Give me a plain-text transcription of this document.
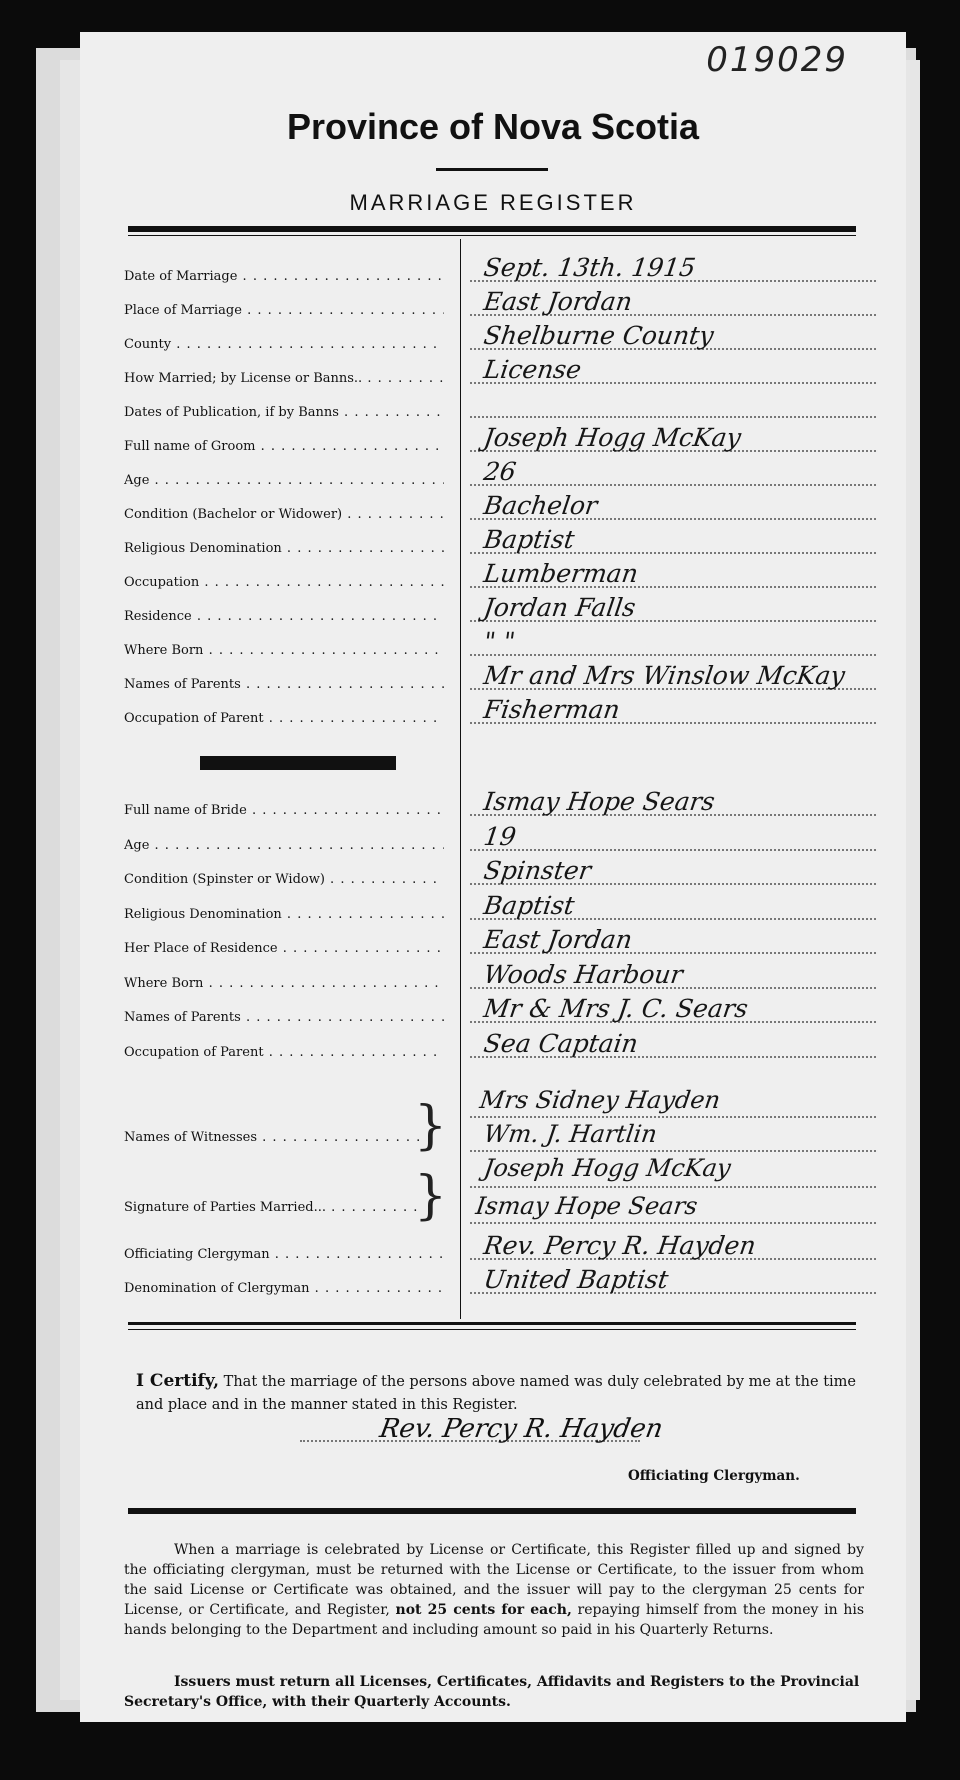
019029
Province of Nova Scotia
MARRIAGE REGISTER
Date of Marriage . . .	Sept. 13th. 1915
Place of Marriage . . .	East Jordan
County . . .	Shelburne County
How Married; by License or Banns.. . . .	License
Dates of Publication, if by Banns . . .
Full name of Groom . . .	Joseph Hogg McKay
Age . . .	26
Condition (Bachelor or Widower) . . .	Bachelor
Religious Denomination . . .	Baptist
Occupation . . .	Lumberman
Residence . . .	Jordan Falls
Where Born . . .	" "
Names of Parents . . .	Mr and Mrs Winslow McKay
Occupation of Parent . . .	Fisherman
Full name of Bride . . .	Ismay Hope Sears
Age . . .	19
Condition (Spinster or Widow) . . .	Spinster
Religious Denomination . . .	Baptist
Her Place of Residence . . .	East Jordan
Where Born . . .	Woods Harbour
Names of Parents . . .	Mr & Mrs J. C. Sears
Occupation of Parent . . .	Sea Captain
Names of Witnesses . . .	} Mrs Sidney Hayden
Wm. J. Hartlin
Signature of Parties Married... . . .	} Joseph Hogg McKay
Ismay Hope Sears
Officiating Clergyman . . .	Rev. Percy R. Hayden
Denomination of Clergyman . . .	United Baptist
I Certify, That the marriage of the persons above named was duly celebrated by me at the time and place and in the manner stated in this Register.
Rev. Percy R. Hayden
Officiating Clergyman.
When a marriage is celebrated by License or Certificate, this Register filled up and signed by the officiating clergyman, must be returned with the License or Certificate, to the issuer from whom the said License or Certificate was obtained, and the issuer will pay to the clergyman 25 cents for License, or Certificate, and Register, not 25 cents for each, repaying himself from the money in his hands belonging to the Department and including amount so paid in his Quarterly Returns.
Issuers must return all Licenses, Certificates, Affidavits and Registers to the Provincial Secretary's Office, with their Quarterly Accounts.
